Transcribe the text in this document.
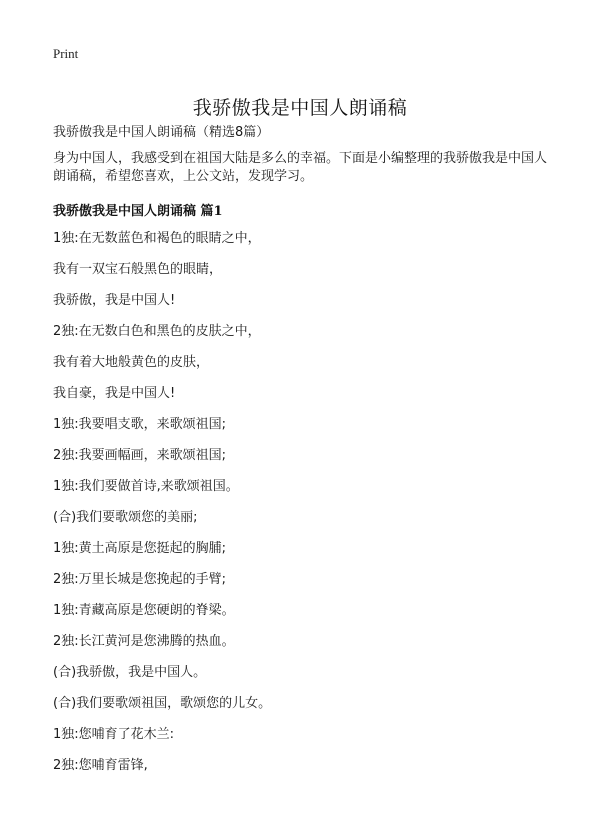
Print
我骄傲我是中国人朗诵稿
我骄傲我是中国人朗诵稿（精选8篇）
身为中国人，我感受到在祖国大陆是多么的幸福。下面是小编整理的我骄傲我是中国人朗诵稿，希望您喜欢，上公文站，发现学习。
我骄傲我是中国人朗诵稿 篇1
1独:在无数蓝色和褐色的眼睛之中，
我有一双宝石般黑色的眼睛，
我骄傲，我是中国人!
2独:在无数白色和黑色的皮肤之中，
我有着大地般黄色的皮肤，
我自豪，我是中国人!
1独:我要唱支歌，来歌颂祖国;
2独:我要画幅画，来歌颂祖国;
1独:我们要做首诗,来歌颂祖国。
(合)我们要歌颂您的美丽;
1独:黄土高原是您挺起的胸脯;
2独:万里长城是您挽起的手臂;
1独:青藏高原是您硬朗的脊梁。
2独:长江黄河是您沸腾的热血。
(合)我骄傲，我是中国人。
(合)我们要歌颂祖国，歌颂您的儿女。
1独:您哺育了花木兰:
2独:您哺育雷锋,
